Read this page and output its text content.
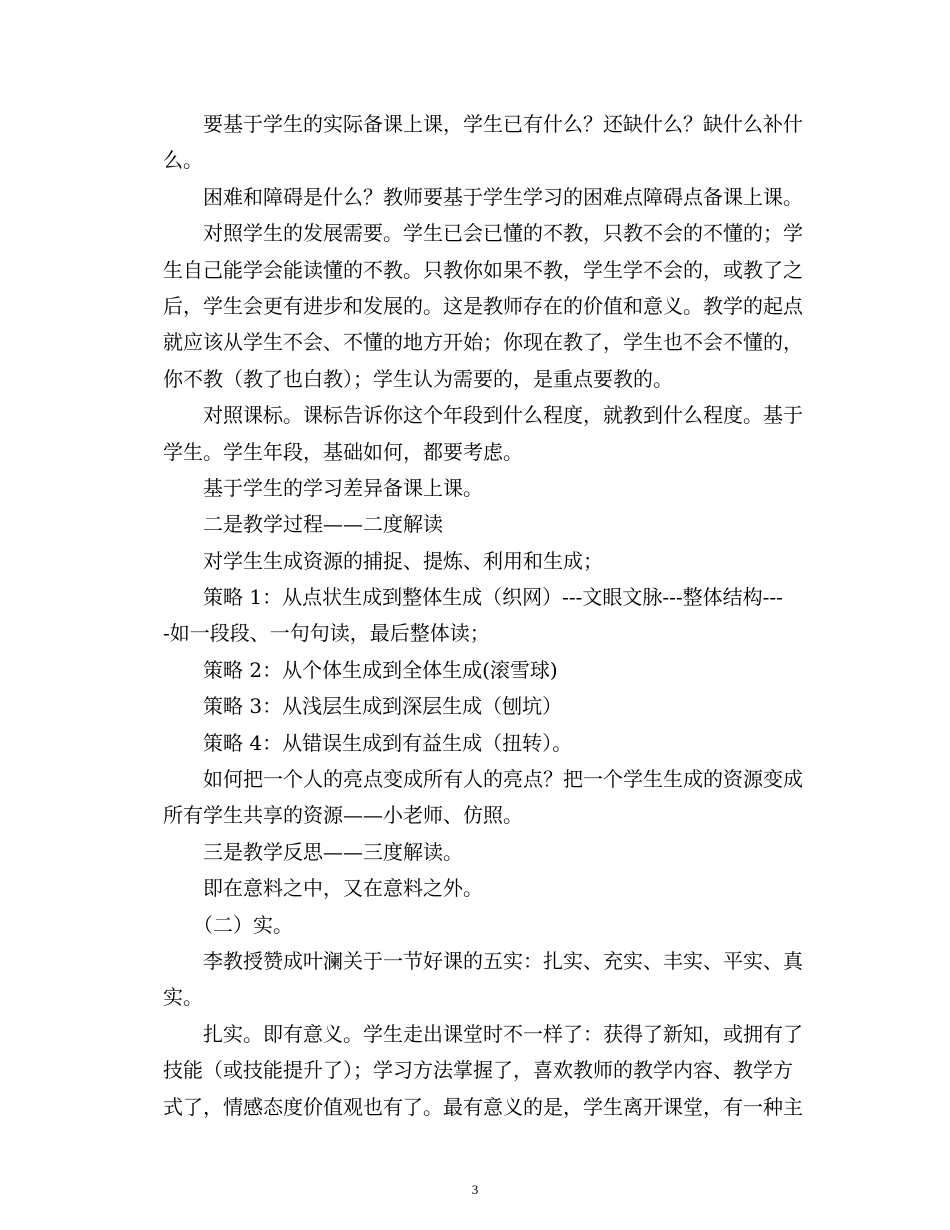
　　要基于学生的实际备课上课，学生已有什么？还缺什么？缺什么补什
么。
　　困难和障碍是什么？教师要基于学生学习的困难点障碍点备课上课。
　　对照学生的发展需要。学生已会已懂的不教，只教不会的不懂的；学
生自己能学会能读懂的不教。只教你如果不教，学生学不会的，或教了之
后，学生会更有进步和发展的。这是教师存在的价值和意义。教学的起点
就应该从学生不会、不懂的地方开始；你现在教了，学生也不会不懂的，
你不教（教了也白教）；学生认为需要的，是重点要教的。
　　对照课标。课标告诉你这个年段到什么程度，就教到什么程度。基于
学生。学生年段，基础如何，都要考虑。
　　基于学生的学习差异备课上课。
　　二是教学过程——二度解读
　　对学生生成资源的捕捉、提炼、利用和生成；
　　策略 1：从点状生成到整体生成（织网）---文眼文脉---整体结构---
-如一段段、一句句读，最后整体读；
　　策略 2：从个体生成到全体生成(滚雪球)
　　策略 3：从浅层生成到深层生成（刨坑）
　　策略 4：从错误生成到有益生成（扭转）。
　　如何把一个人的亮点变成所有人的亮点？把一个学生生成的资源变成
所有学生共享的资源——小老师、仿照。
　　三是教学反思——三度解读。
　　即在意料之中，又在意料之外。
　　（二）实。
　　李教授赞成叶澜关于一节好课的五实：扎实、充实、丰实、平实、真
实。
　　扎实。即有意义。学生走出课堂时不一样了：获得了新知，或拥有了
技能（或技能提升了）；学习方法掌握了，喜欢教师的教学内容、教学方
式了，情感态度价值观也有了。最有意义的是，学生离开课堂，有一种主
3
